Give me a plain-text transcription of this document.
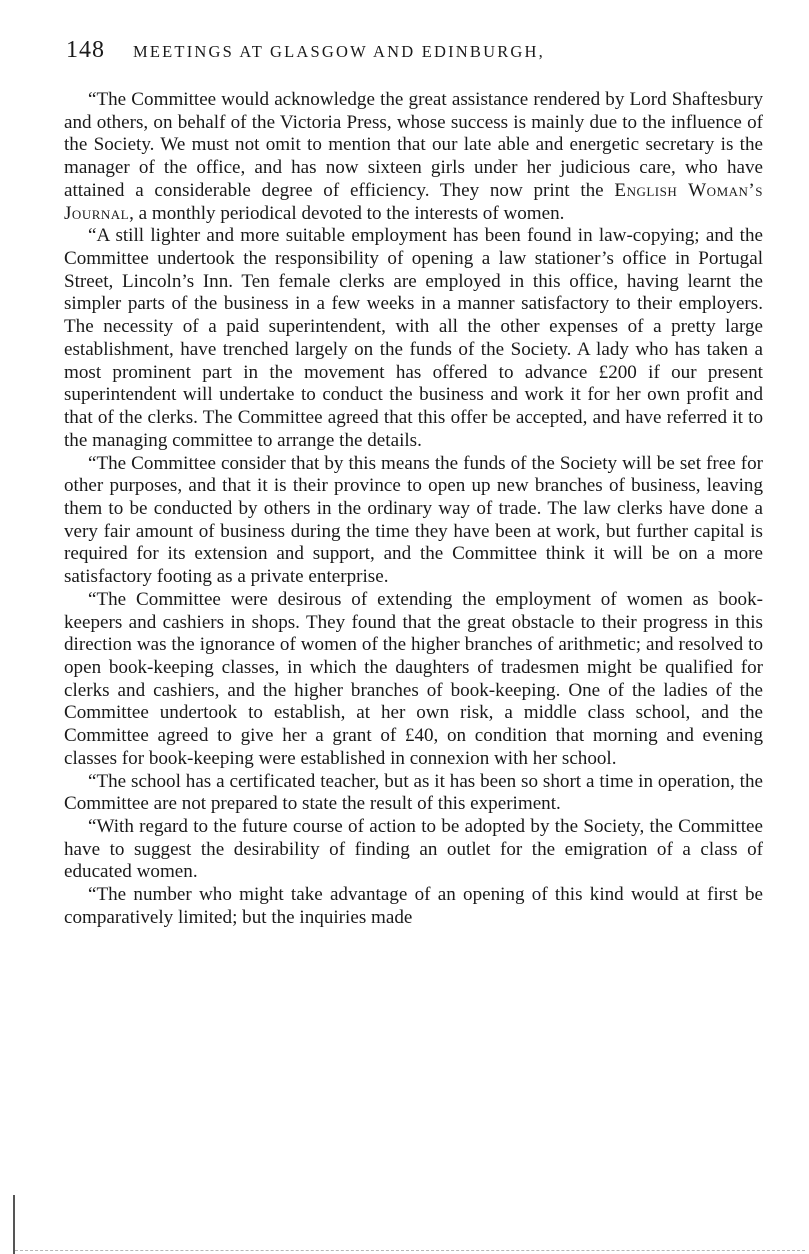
148 MEETINGS AT GLASGOW AND EDINBURGH,

“The Committee would acknowledge the great assistance rendered by Lord Shaftesbury and others, on behalf of the Victoria Press, whose success is mainly due to the influence of the Society. We must not omit to mention that our late able and energetic secretary is the manager of the office, and has now sixteen girls under her judicious care, who have attained a considerable degree of efficiency. They now print the English Woman’s Journal, a monthly periodical devoted to the interests of women.

“A still lighter and more suitable employment has been found in law-copying; and the Committee undertook the responsibility of opening a law stationer’s office in Portugal Street, Lincoln’s Inn. Ten female clerks are employed in this office, having learnt the simpler parts of the business in a few weeks in a manner satisfactory to their employers. The necessity of a paid superintendent, with all the other expenses of a pretty large establishment, have trenched largely on the funds of the Society. A lady who has taken a most prominent part in the movement has offered to advance £200 if our present superintendent will undertake to conduct the business and work it for her own profit and that of the clerks. The Committee agreed that this offer be accepted, and have referred it to the managing committee to arrange the details.

“The Committee consider that by this means the funds of the Society will be set free for other purposes, and that it is their province to open up new branches of business, leaving them to be conducted by others in the ordinary way of trade. The law clerks have done a very fair amount of business during the time they have been at work, but further capital is required for its extension and support, and the Committee think it will be on a more satisfactory footing as a private enterprise.

“The Committee were desirous of extending the employment of women as book-keepers and cashiers in shops. They found that the great obstacle to their progress in this direction was the ignorance of women of the higher branches of arithmetic; and resolved to open book-keeping classes, in which the daughters of tradesmen might be qualified for clerks and cashiers, and the higher branches of book-keeping. One of the ladies of the Committee undertook to establish, at her own risk, a middle class school, and the Committee agreed to give her a grant of £40, on condition that morning and evening classes for book-keeping were established in connexion with her school.

“The school has a certificated teacher, but as it has been so short a time in operation, the Committee are not prepared to state the result of this experiment.

“With regard to the future course of action to be adopted by the Society, the Committee have to suggest the desirability of finding an outlet for the emigration of a class of educated women.

“The number who might take advantage of an opening of this kind would at first be comparatively limited; but the inquiries made
